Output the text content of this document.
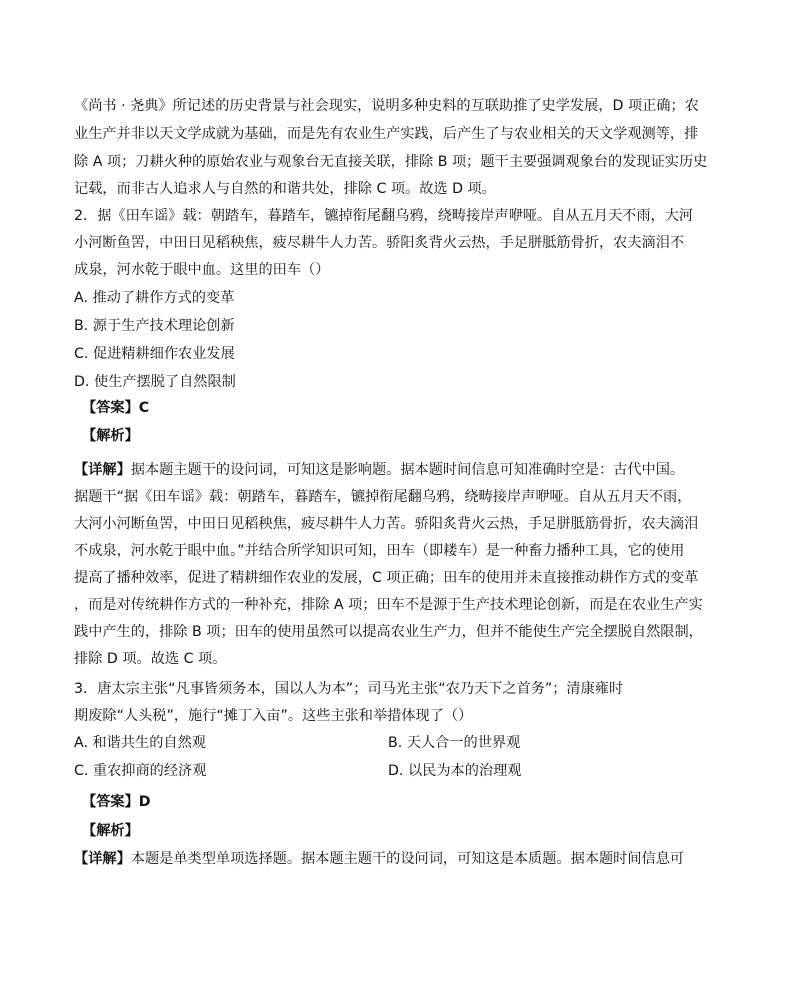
《尚书 · 尧典》所记述的历史背景与社会现实，说明多种史料的互联助推了史学发展，D 项正确；农
业生产并非以天文学成就为基础，而是先有农业生产实践，后产生了与农业相关的天文学观测等，排
除 A 项；刀耕火种的原始农业与观象台无直接关联，排除 B 项；题干主要强调观象台的发现证实历史
记载，而非古人追求人与自然的和谐共处，排除 C 项。故选 D 项。
2．据《田车谣》载：朝踏车，暮踏车，镳掉衔尾翻乌鸦，绕畴接岸声咿哑。自从五月天不雨，大河
小河断鱼罟，中田日见稻秧焦，疲尽耕牛人力苦。骄阳炙背火云热，手足胼胝筋骨折，农夫滴泪不
成泉，河水乾于眼中血。这里的田车（）
A. 推动了耕作方式的变革
B. 源于生产技术理论创新
C. 促进精耕细作农业发展
D. 使生产摆脱了自然限制
【答案】C
【解析】
【详解】据本题主题干的设问词，可知这是影响题。据本题时间信息可知准确时空是：古代中国。
据题干“据《田车谣》载：朝踏车，暮踏车，镳掉衔尾翻乌鸦，绕畴接岸声咿哑。自从五月天不雨，
大河小河断鱼罟，中田日见稻秧焦，疲尽耕牛人力苦。骄阳炙背火云热，手足胼胝筋骨折，农夫滴泪
不成泉，河水乾于眼中血。”并结合所学知识可知，田车（即耧车）是一种畜力播种工具，它的使用
提高了播种效率，促进了精耕细作农业的发展，C 项正确；田车的使用并未直接推动耕作方式的变革
，而是对传统耕作方式的一种补充，排除 A 项；田车不是源于生产技术理论创新，而是在农业生产实
践中产生的，排除 B 项；田车的使用虽然可以提高农业生产力，但并不能使生产完全摆脱自然限制，
排除 D 项。故选 C 项。
3．唐太宗主张“凡事皆须务本，国以人为本”；司马光主张“农乃天下之首务”；清康雍时
期废除“人头税”，施行“摊丁入亩”。这些主张和举措体现了（）
A. 和谐共生的自然观	B. 天人合一的世界观
C. 重农抑商的经济观	D. 以民为本的治理观
【答案】D
【解析】
【详解】本题是单类型单项选择题。据本题主题干的设问词，可知这是本质题。据本题时间信息可
